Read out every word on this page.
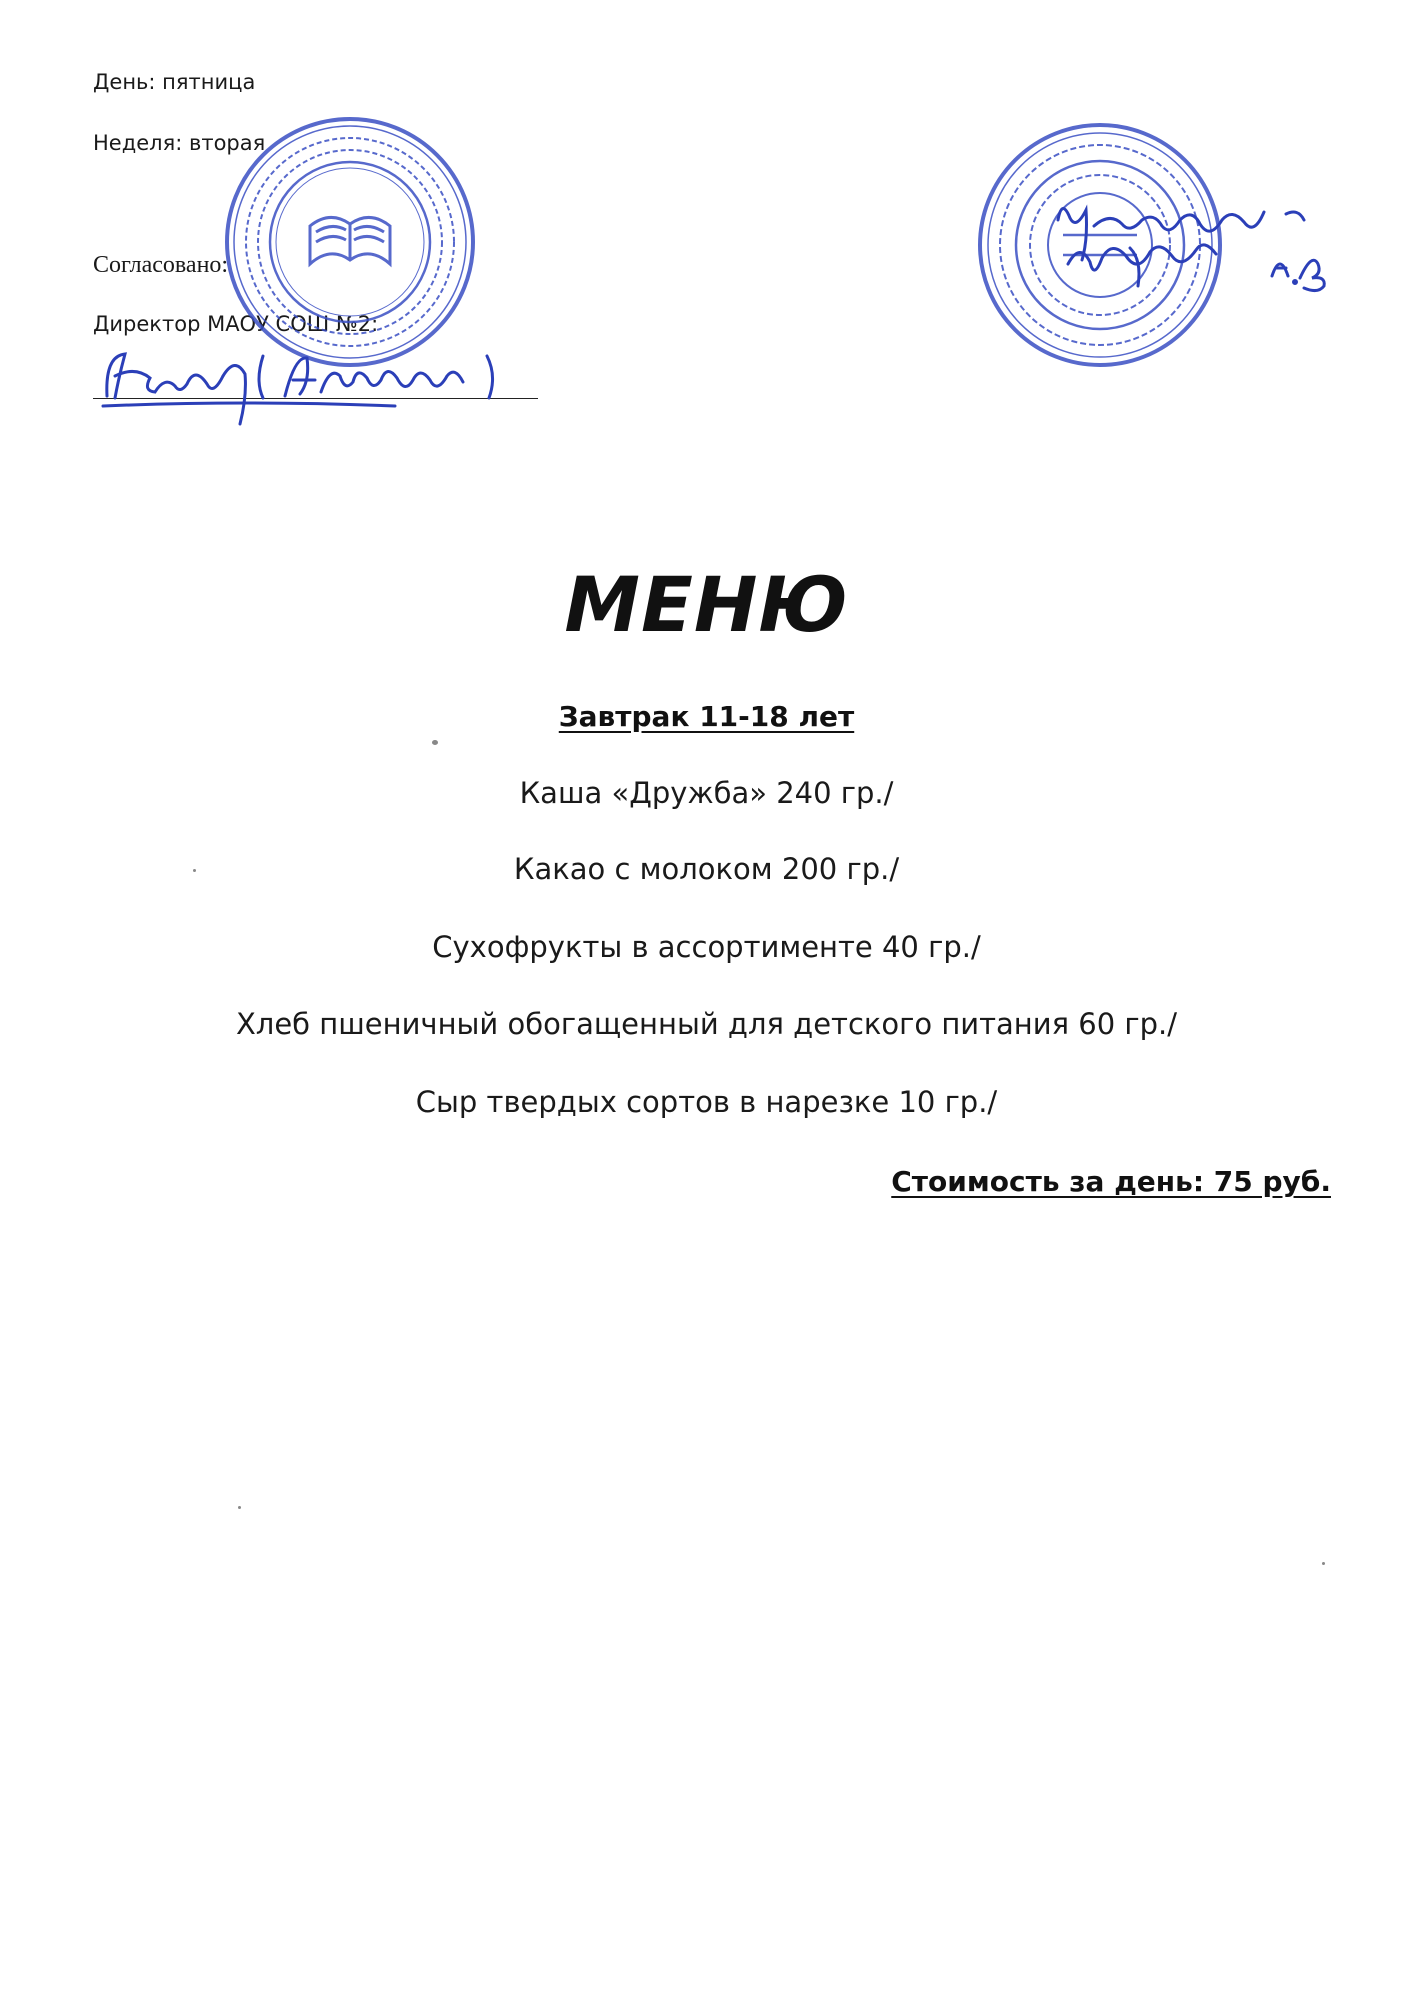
День: пятница
Неделя: вторая
Согласовано:
Директор МАОУ СОШ №2:
МЕНЮ
Завтрак 11-18 лет
Каша «Дружба» 240 гр./
Какао с молоком 200 гр./
Сухофрукты в ассортименте 40 гр./
Хлеб пшеничный обогащенный для детского питания 60 гр./
Сыр твердых сортов в нарезке 10 гр./
Стоимость за день: 75 руб.
